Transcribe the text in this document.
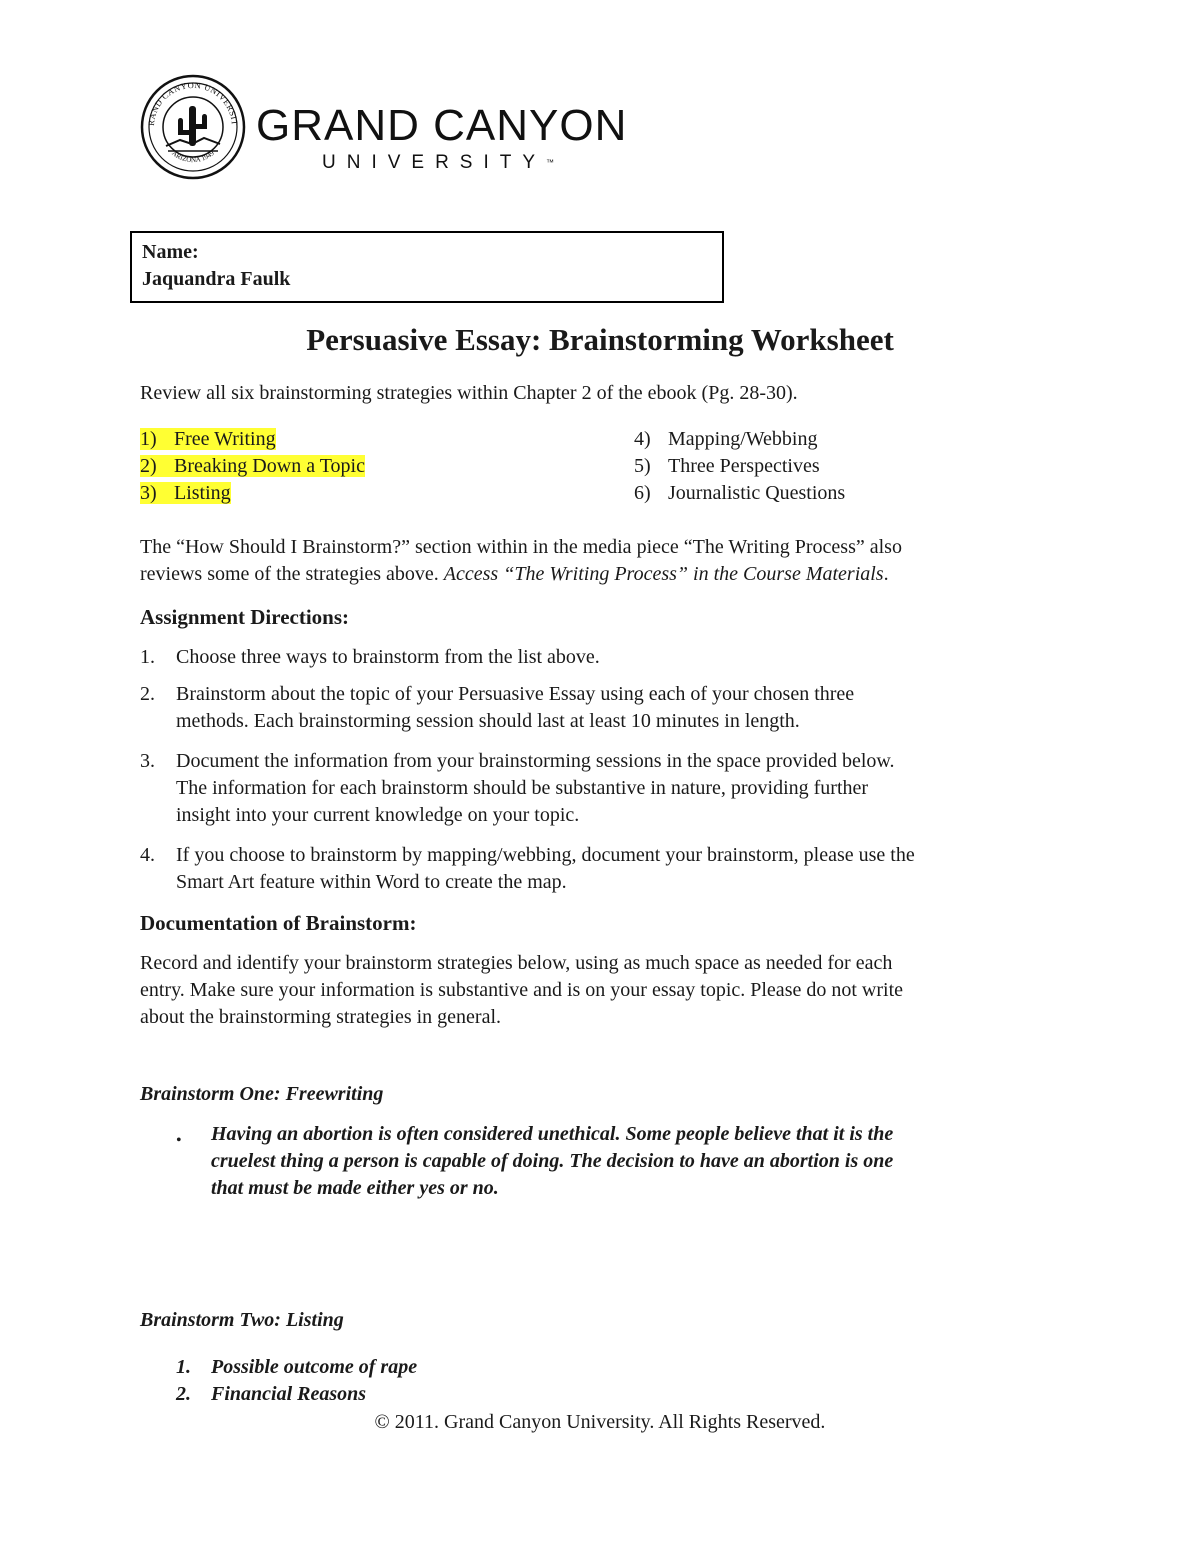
RAND CANYON UNIVERSIT
ARIZONA 1949
GRAND CANYON
UNIVERSITY™
Name:
Jaquandra Faulk
Persuasive Essay: Brainstorming Worksheet
Review all six brainstorming strategies within Chapter 2 of the ebook (Pg. 28-30).
1) Free Writing
2) Breaking Down a Topic
3) Listing
4) Mapping/Webbing
5) Three Perspectives
6) Journalistic Questions
The “How Should I Brainstorm?” section within in the media piece “The Writing Process” also
reviews some of the strategies above. Access “The Writing Process” in the Course Materials.
Assignment Directions:
1.	Choose three ways to brainstorm from the list above.
2.	Brainstorm about the topic of your Persuasive Essay using each of your chosen three
methods. Each brainstorming session should last at least 10 minutes in length.
3.	Document the information from your brainstorming sessions in the space provided below.
The information for each brainstorm should be substantive in nature, providing further
insight into your current knowledge on your topic.
4.	If you choose to brainstorm by mapping/webbing, document your brainstorm, please use the
Smart Art feature within Word to create the map.
Documentation of Brainstorm:
Record and identify your brainstorm strategies below, using as much space as needed for each
entry. Make sure your information is substantive and is on your essay topic. Please do not write
about the brainstorming strategies in general.
Brainstorm One: Freewriting
• Having an abortion is often considered unethical. Some people believe that it is the
cruelest thing a person is capable of doing. The decision to have an abortion is one
that must be made either yes or no.
Brainstorm Two: Listing
1. Possible outcome of rape
2. Financial Reasons
© 2011. Grand Canyon University. All Rights Reserved.
